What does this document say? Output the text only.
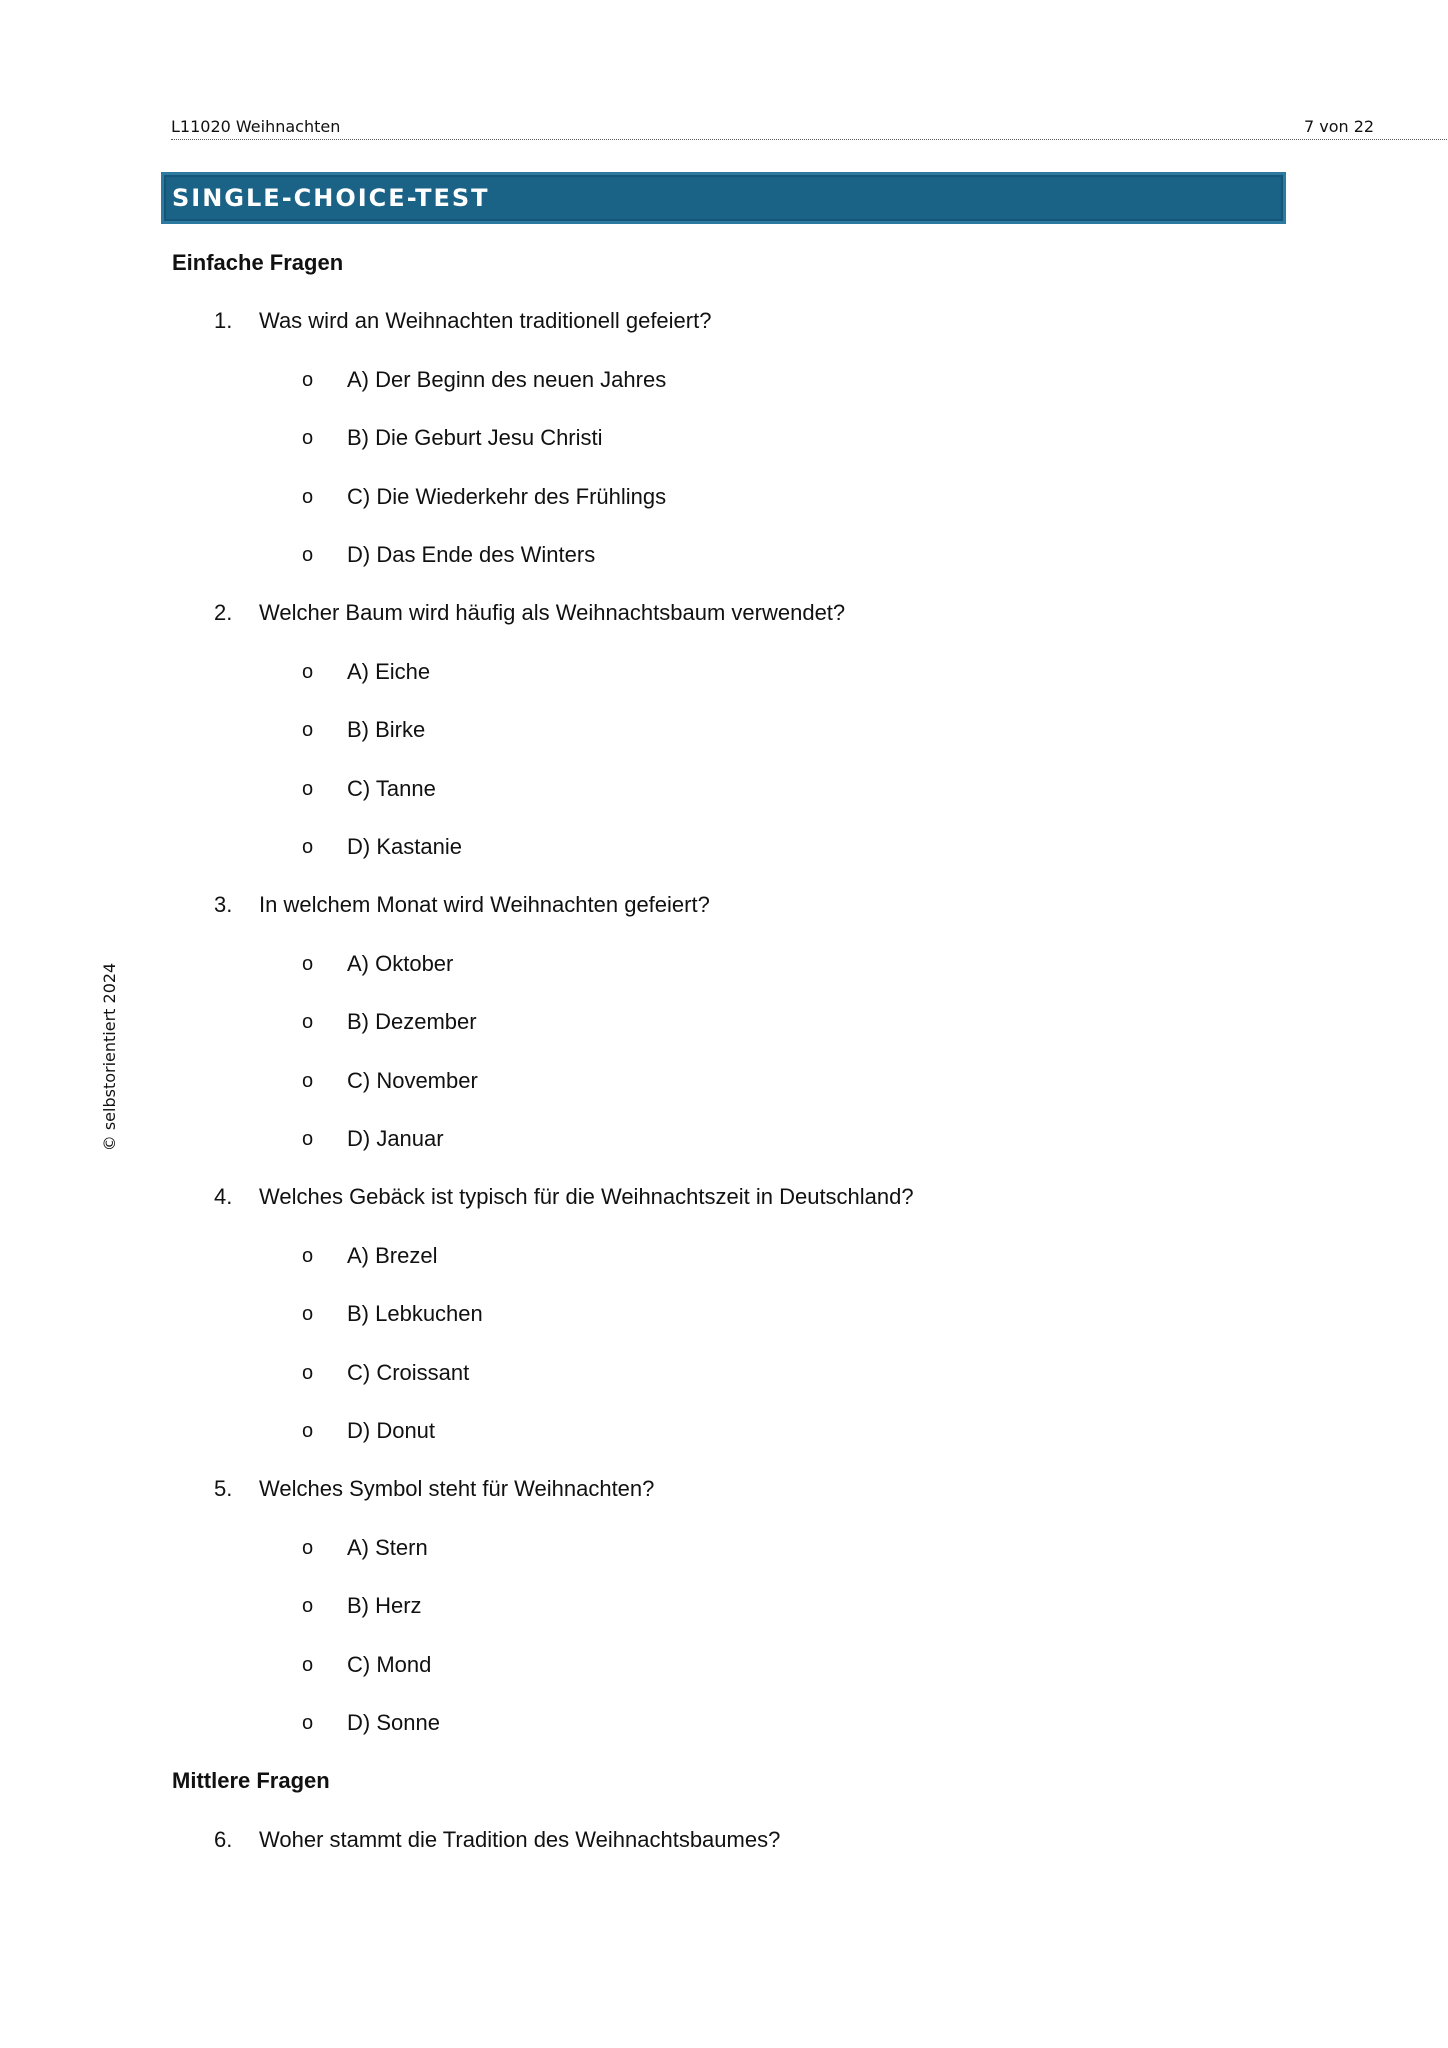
L11020 Weihnachten	7 von 22
SINGLE-CHOICE-TEST
© selbstorientiert 2024
Einfache Fragen
1. Was wird an Weihnachten traditionell gefeiert?
o A) Der Beginn des neuen Jahres
o B) Die Geburt Jesu Christi
o C) Die Wiederkehr des Frühlings
o D) Das Ende des Winters
2. Welcher Baum wird häufig als Weihnachtsbaum verwendet?
o A) Eiche
o B) Birke
o C) Tanne
o D) Kastanie
3. In welchem Monat wird Weihnachten gefeiert?
o A) Oktober
o B) Dezember
o C) November
o D) Januar
4. Welches Gebäck ist typisch für die Weihnachtszeit in Deutschland?
o A) Brezel
o B) Lebkuchen
o C) Croissant
o D) Donut
5. Welches Symbol steht für Weihnachten?
o A) Stern
o B) Herz
o C) Mond
o D) Sonne
Mittlere Fragen
6. Woher stammt die Tradition des Weihnachtsbaumes?
